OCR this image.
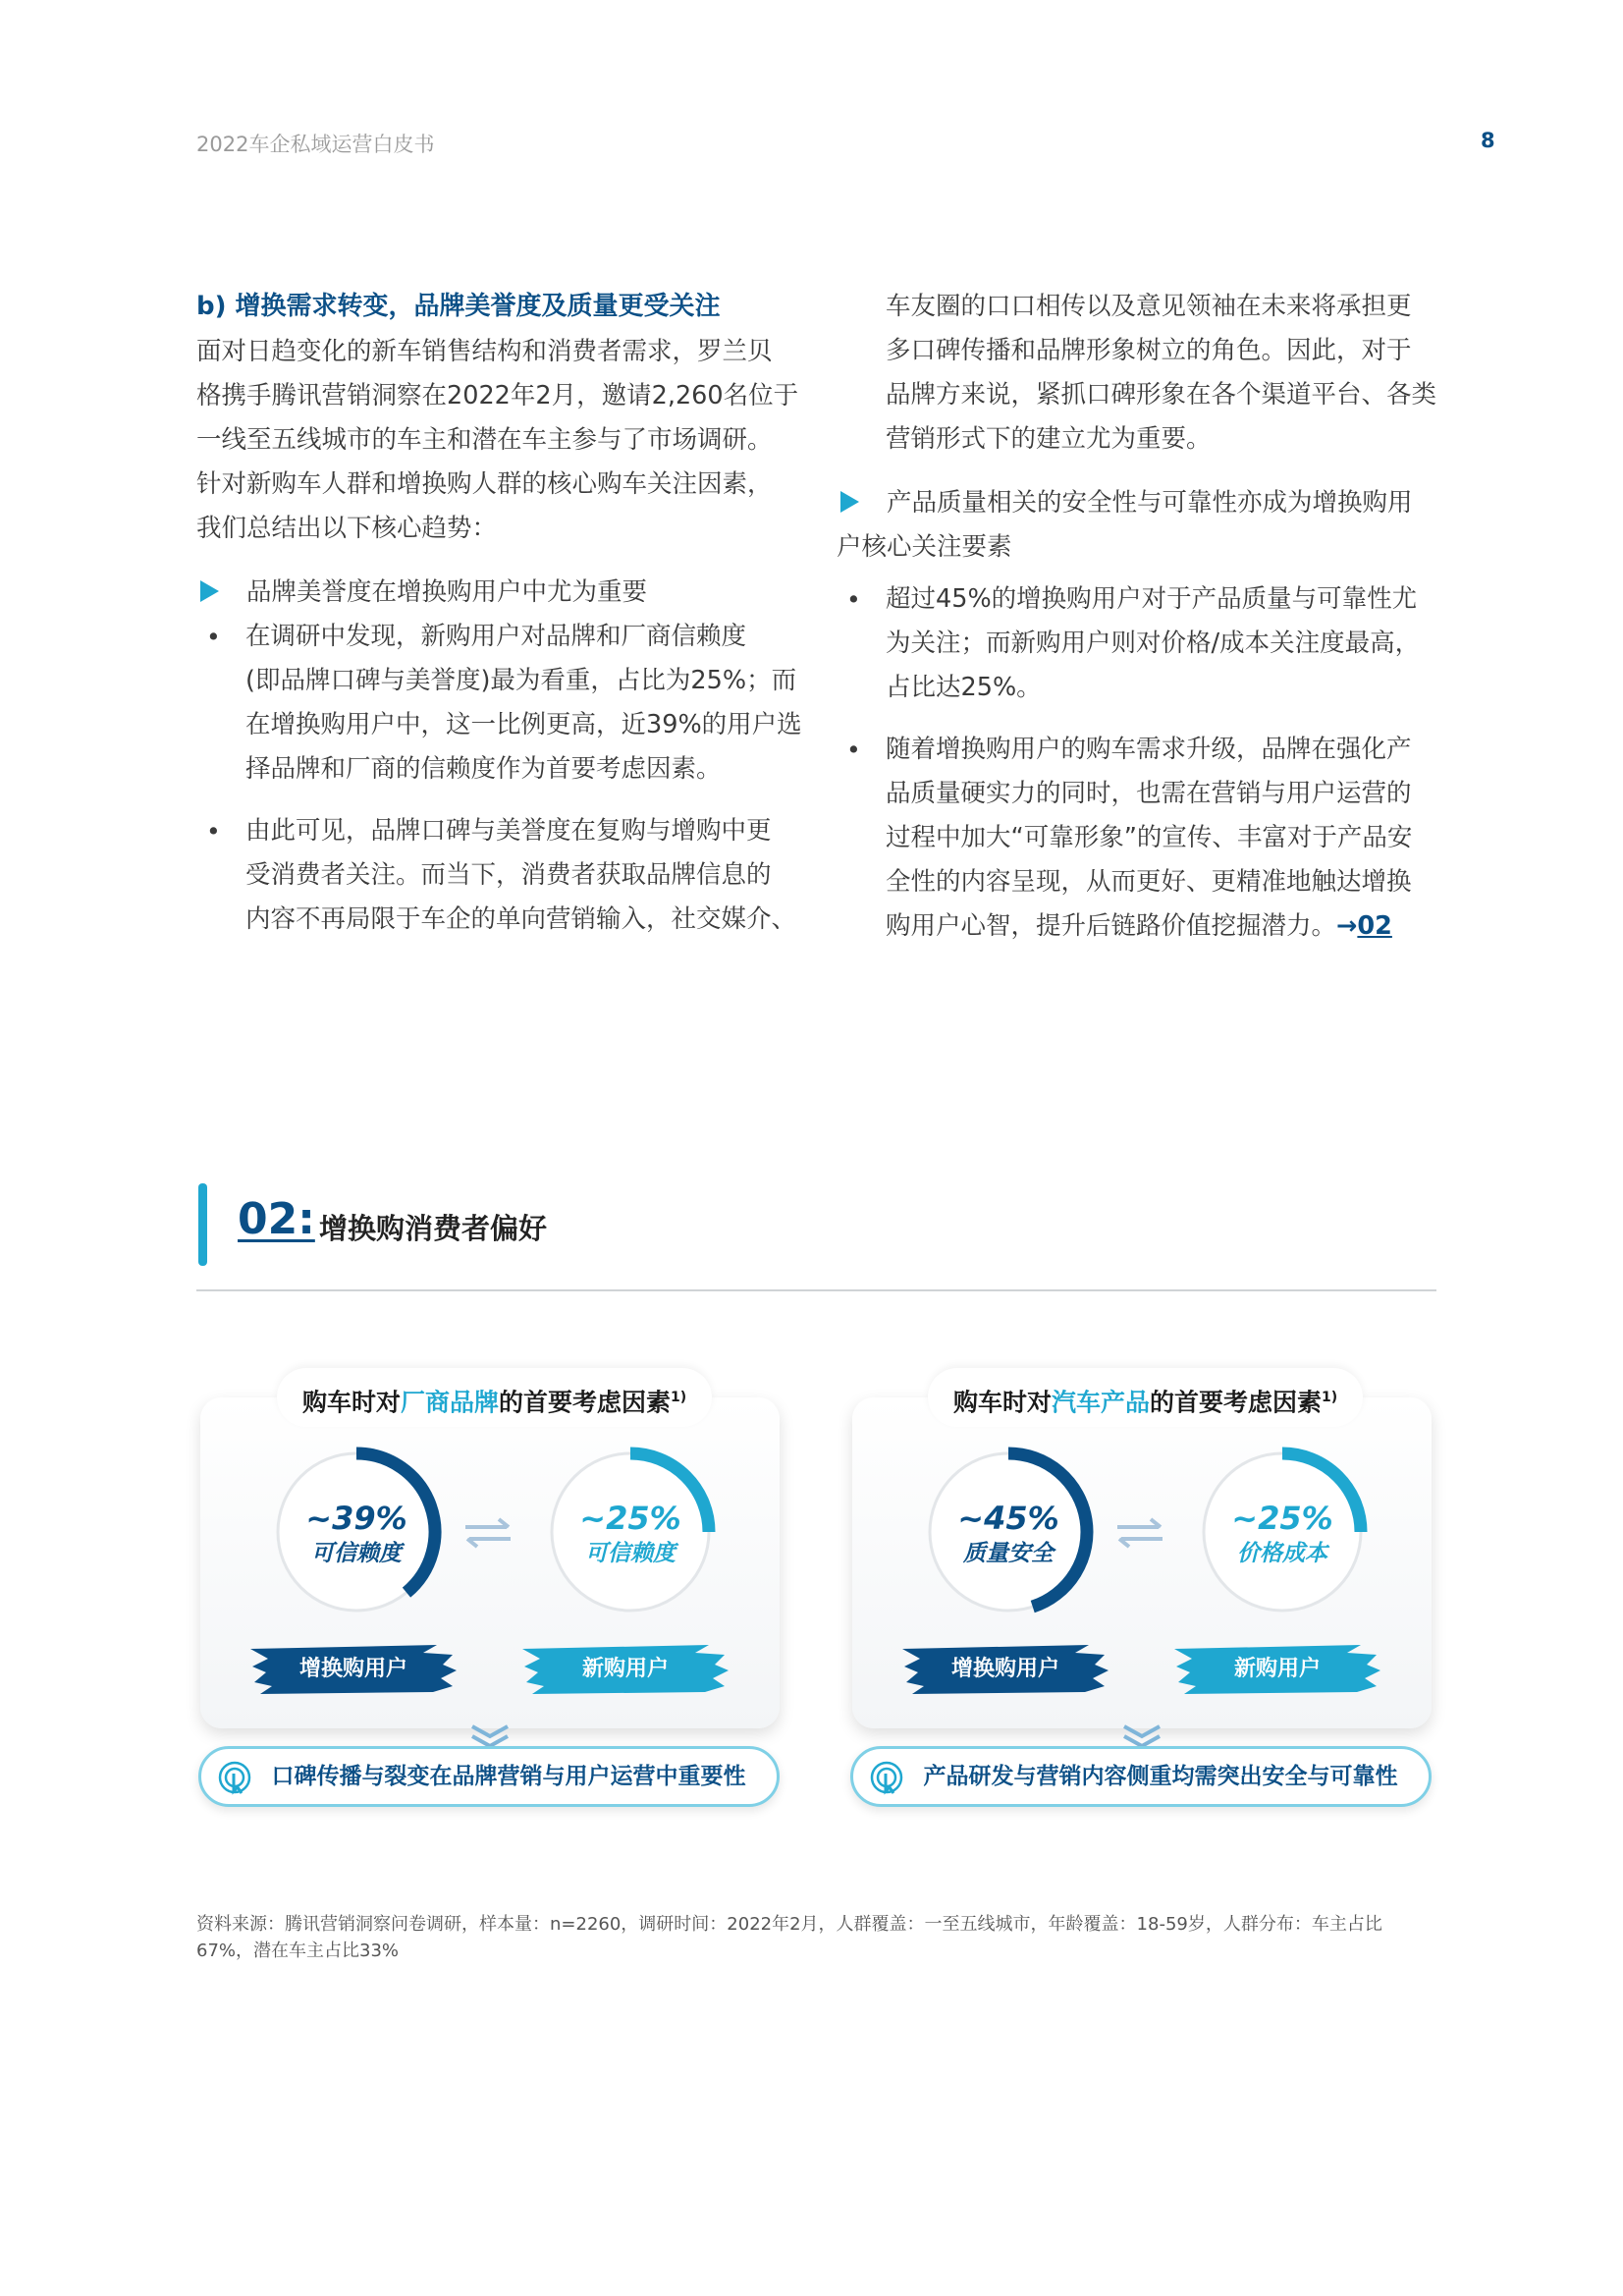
2022车企私域运营白皮书	8
b) 增换需求转变，品牌美誉度及质量更受关注
面对日趋变化的新车销售结构和消费者需求，罗兰贝
格携手腾讯营销洞察在2022年2月，邀请2,260名位于
一线至五线城市的车主和潜在车主参与了市场调研。
针对新购车人群和增换购人群的核心购车关注因素，
我们总结出以下核心趋势：
品牌美誉度在增换购用户中尤为重要
• 在调研中发现，新购用户对品牌和厂商信赖度
(即品牌口碑与美誉度)最为看重，占比为25%；而
在增换购用户中，这一比例更高，近39%的用户选
择品牌和厂商的信赖度作为首要考虑因素。
• 由此可见，品牌口碑与美誉度在复购与增购中更
受消费者关注。而当下，消费者获取品牌信息的
内容不再局限于车企的单向营销输入，社交媒介、
车友圈的口口相传以及意见领袖在未来将承担更
多口碑传播和品牌形象树立的角色。因此，对于
品牌方来说，紧抓口碑形象在各个渠道平台、各类
营销形式下的建立尤为重要。
产品质量相关的安全性与可靠性亦成为增换购用
户核心关注要素
• 超过45%的增换购用户对于产品质量与可靠性尤
为关注；而新购用户则对价格/成本关注度最高，
占比达25%。
• 随着增换购用户的购车需求升级，品牌在强化产
品质量硬实力的同时，也需在营销与用户运营的
过程中加大“可靠形象”的宣传、丰富对于产品安
全性的内容呈现，从而更好、更精准地触达增换
购用户心智，提升后链路价值挖掘潜力。→02
02: 增换购消费者偏好
购车时对厂商品牌的首要考虑因素$^{1)}$
~39%
可信赖度
~25%
可信赖度
增换购用户	新购用户
口碑传播与裂变在品牌营销与用户运营中重要性
购车时对汽车产品的首要考虑因素$^{1)}$
~45%
质量安全
~25%
价格成本
增换购用户	新购用户
产品研发与营销内容侧重均需突出安全与可靠性
资料来源：腾讯营销洞察问卷调研，样本量：n=2260，调研时间：2022年2月，人群覆盖：一至五线城市，年龄覆盖：18-59岁，人群分布：车主占比67%，潜在车主占比33%
